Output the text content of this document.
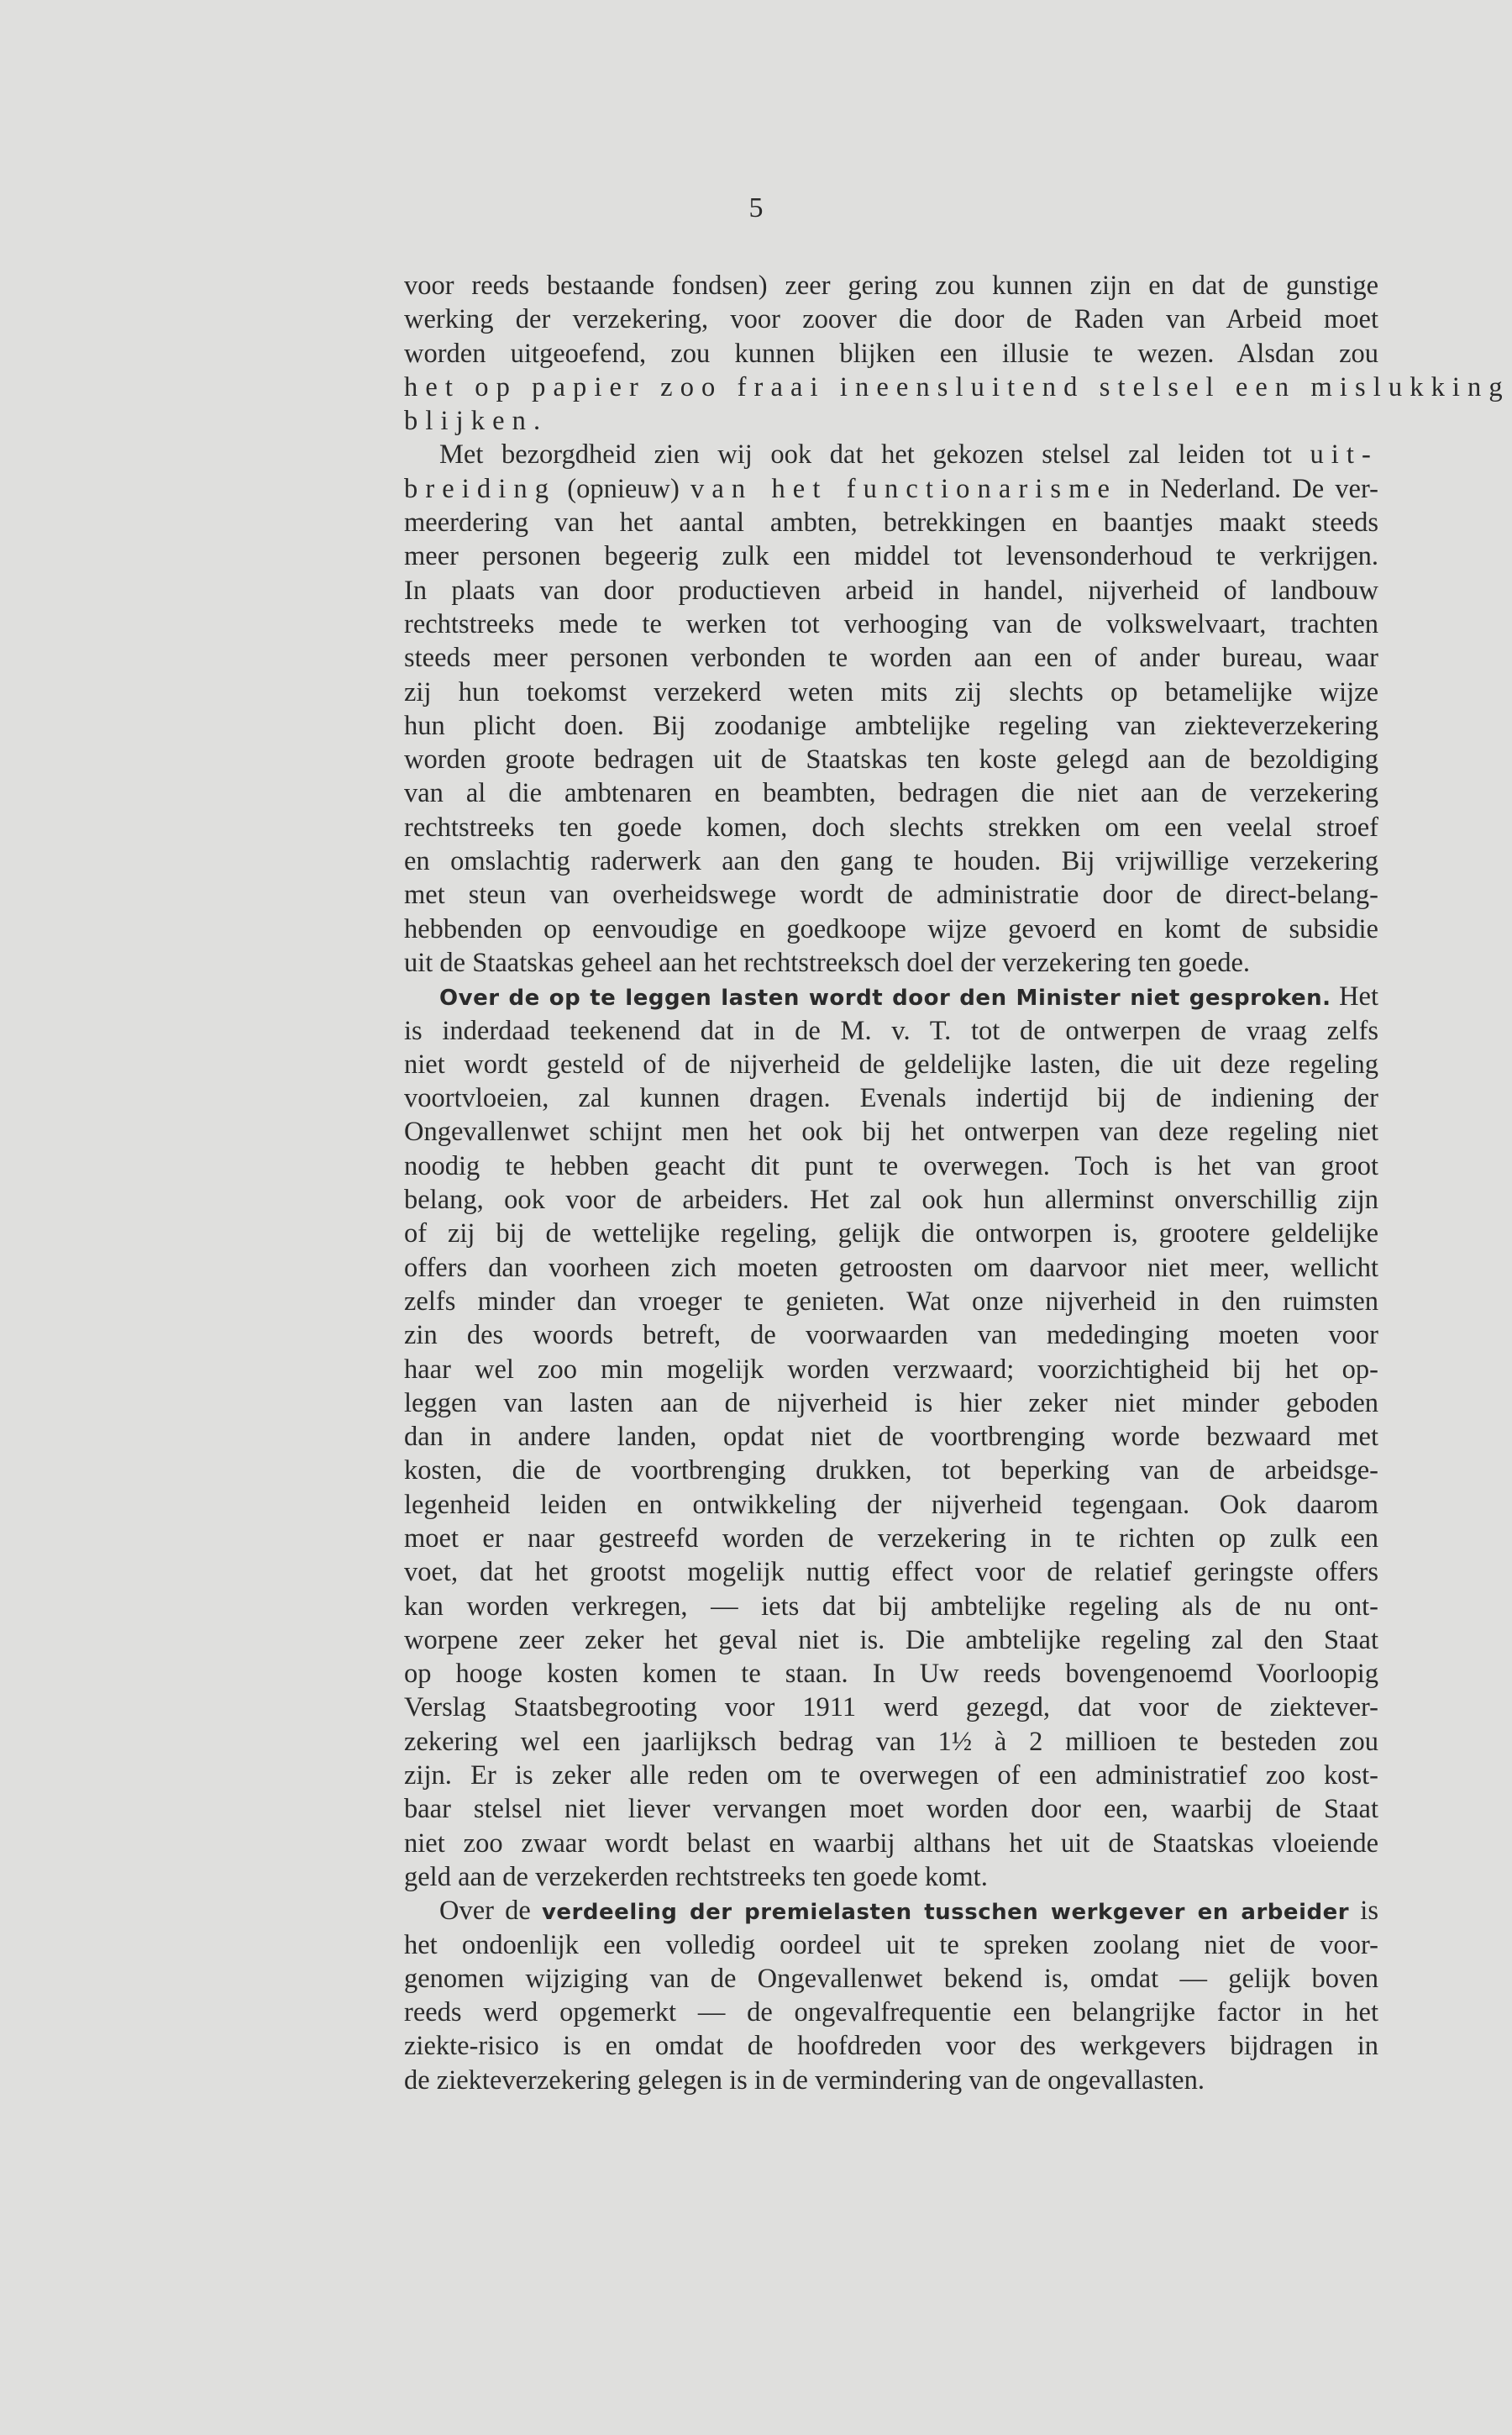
5
voor reeds bestaande fondsen) zeer gering zou kunnen zijn en dat de gunstige
werking der verzekering, voor zoover die door de Raden van Arbeid moet
worden uitgeoefend, zou kunnen blijken een illusie te wezen. Alsdan zou
het op papier zoo fraai ineensluitend stelsel een mislukking
blijken.
Met bezorgdheid zien wij ook dat het gekozen stelsel zal leiden tot uit-
breiding (opnieuw) van het functionarisme in Nederland. De ver-
meerdering van het aantal ambten, betrekkingen en baantjes maakt steeds
meer personen begeerig zulk een middel tot levensonderhoud te verkrijgen.
In plaats van door productieven arbeid in handel, nijverheid of landbouw
rechtstreeks mede te werken tot verhooging van de volkswelvaart, trachten
steeds meer personen verbonden te worden aan een of ander bureau, waar
zij hun toekomst verzekerd weten mits zij slechts op betamelijke wijze
hun plicht doen. Bij zoodanige ambtelijke regeling van ziekteverzekering
worden groote bedragen uit de Staatskas ten koste gelegd aan de bezoldiging
van al die ambtenaren en beambten, bedragen die niet aan de verzekering
rechtstreeks ten goede komen, doch slechts strekken om een veelal stroef
en omslachtig raderwerk aan den gang te houden. Bij vrijwillige verzekering
met steun van overheidswege wordt de administratie door de direct-belang-
hebbenden op eenvoudige en goedkoope wijze gevoerd en komt de subsidie
uit de Staatskas geheel aan het rechtstreeksch doel der verzekering ten goede.
Over de op te leggen lasten wordt door den Minister niet gesproken. Het
is inderdaad teekenend dat in de M. v. T. tot de ontwerpen de vraag zelfs
niet wordt gesteld of de nijverheid de geldelijke lasten, die uit deze regeling
voortvloeien, zal kunnen dragen. Evenals indertijd bij de indiening der
Ongevallenwet schijnt men het ook bij het ontwerpen van deze regeling niet
noodig te hebben geacht dit punt te overwegen. Toch is het van groot
belang, ook voor de arbeiders. Het zal ook hun allerminst onverschillig zijn
of zij bij de wettelijke regeling, gelijk die ontworpen is, grootere geldelijke
offers dan voorheen zich moeten getroosten om daarvoor niet meer, wellicht
zelfs minder dan vroeger te genieten. Wat onze nijverheid in den ruimsten
zin des woords betreft, de voorwaarden van mededinging moeten voor
haar wel zoo min mogelijk worden verzwaard; voorzichtigheid bij het op-
leggen van lasten aan de nijverheid is hier zeker niet minder geboden
dan in andere landen, opdat niet de voortbrenging worde bezwaard met
kosten, die de voortbrenging drukken, tot beperking van de arbeidsge-
legenheid leiden en ontwikkeling der nijverheid tegengaan. Ook daarom
moet er naar gestreefd worden de verzekering in te richten op zulk een
voet, dat het grootst mogelijk nuttig effect voor de relatief geringste offers
kan worden verkregen, — iets dat bij ambtelijke regeling als de nu ont-
worpene zeer zeker het geval niet is. Die ambtelijke regeling zal den Staat
op hooge kosten komen te staan. In Uw reeds bovengenoemd Voorloopig
Verslag Staatsbegrooting voor 1911 werd gezegd, dat voor de ziektever-
zekering wel een jaarlijksch bedrag van 1½ à 2 millioen te besteden zou
zijn. Er is zeker alle reden om te overwegen of een administratief zoo kost-
baar stelsel niet liever vervangen moet worden door een, waarbij de Staat
niet zoo zwaar wordt belast en waarbij althans het uit de Staatskas vloeiende
geld aan de verzekerden rechtstreeks ten goede komt.
Over de verdeeling der premielasten tusschen werkgever en arbeider is
het ondoenlijk een volledig oordeel uit te spreken zoolang niet de voor-
genomen wijziging van de Ongevallenwet bekend is, omdat — gelijk boven
reeds werd opgemerkt — de ongevalfrequentie een belangrijke factor in het
ziekte-risico is en omdat de hoofdreden voor des werkgevers bijdragen in
de ziekteverzekering gelegen is in de vermindering van de ongevallasten.
